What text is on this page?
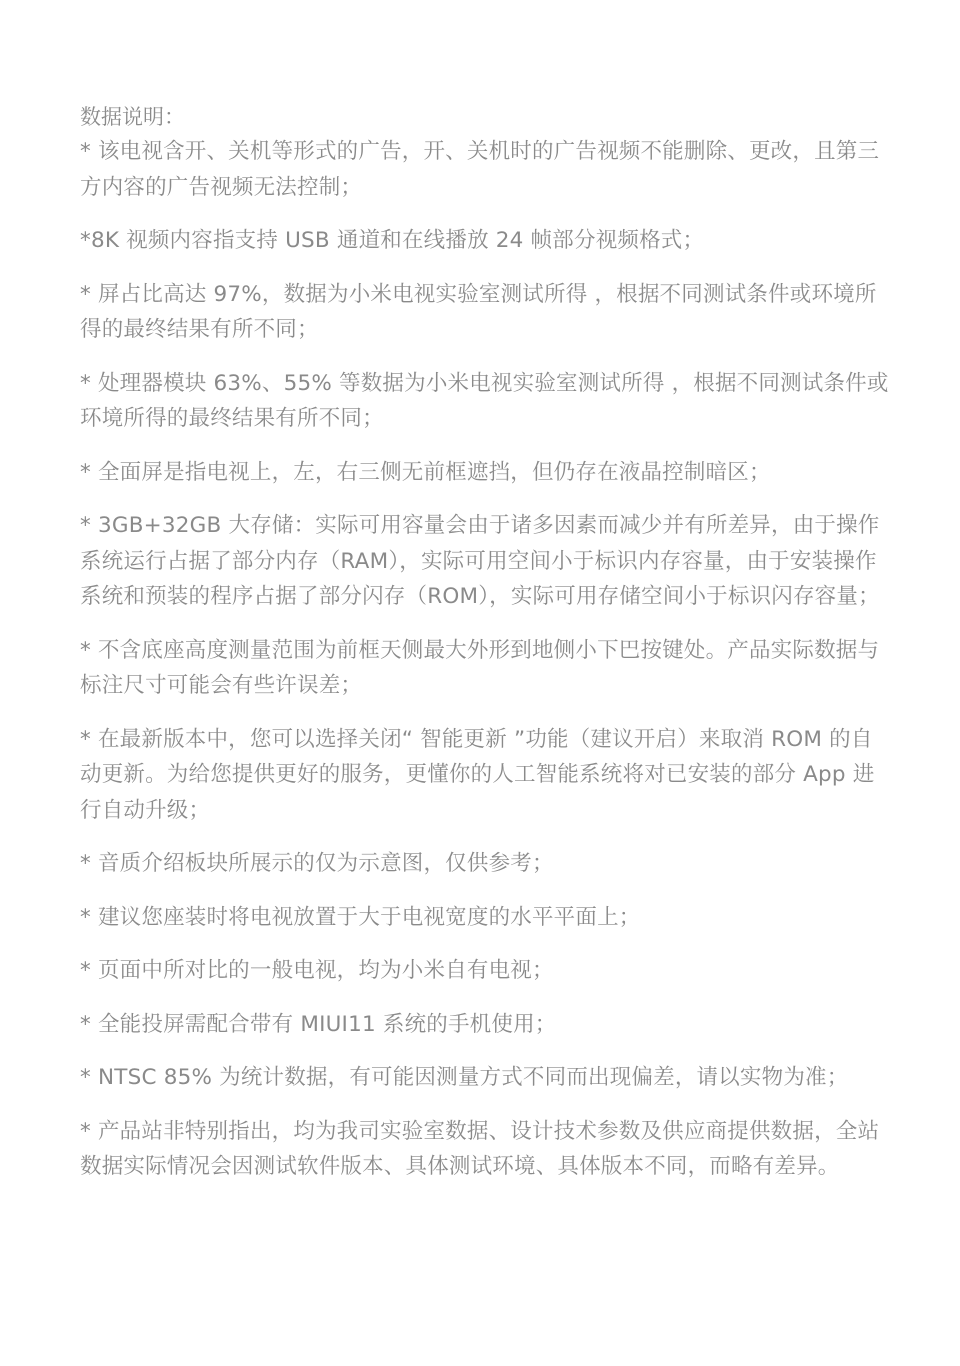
数据说明：

* 该电视含开、关机等形式的广告，开、关机时的广告视频不能删除、更改，且第三方内容的广告视频无法控制；

*8K 视频内容指支持 USB 通道和在线播放 24 帧部分视频格式；

* 屏占比高达 97%，数据为小米电视实验室测试所得 ，根据不同测试条件或环境所得的最终结果有所不同；

* 处理器模块 63%、55% 等数据为小米电视实验室测试所得 ，根据不同测试条件或环境所得的最终结果有所不同；

* 全面屏是指电视上，左，右三侧无前框遮挡，但仍存在液晶控制暗区；

* 3GB+32GB 大存储：实际可用容量会由于诸多因素而减少并有所差异，由于操作系统运行占据了部分内存（RAM），实际可用空间小于标识内存容量，由于安装操作系统和预装的程序占据了部分闪存（ROM），实际可用存储空间小于标识闪存容量；

* 不含底座高度测量范围为前框天侧最大外形到地侧小下巴按键处。产品实际数据与标注尺寸可能会有些许误差；

* 在最新版本中，您可以选择关闭“ 智能更新 ”功能（建议开启）来取消 ROM 的自动更新。为给您提供更好的服务，更懂你的人工智能系统将对已安装的部分 App 进行自动升级；

* 音质介绍板块所展示的仅为示意图，仅供参考；

* 建议您座装时将电视放置于大于电视宽度的水平平面上；

* 页面中所对比的一般电视，均为小米自有电视；

* 全能投屏需配合带有 MIUI11 系统的手机使用；

* NTSC 85% 为统计数据，有可能因测量方式不同而出现偏差，请以实物为准；

* 产品站非特别指出，均为我司实验室数据、设计技术参数及供应商提供数据，全站数据实际情况会因测试软件版本、具体测试环境、具体版本不同，而略有差异。
